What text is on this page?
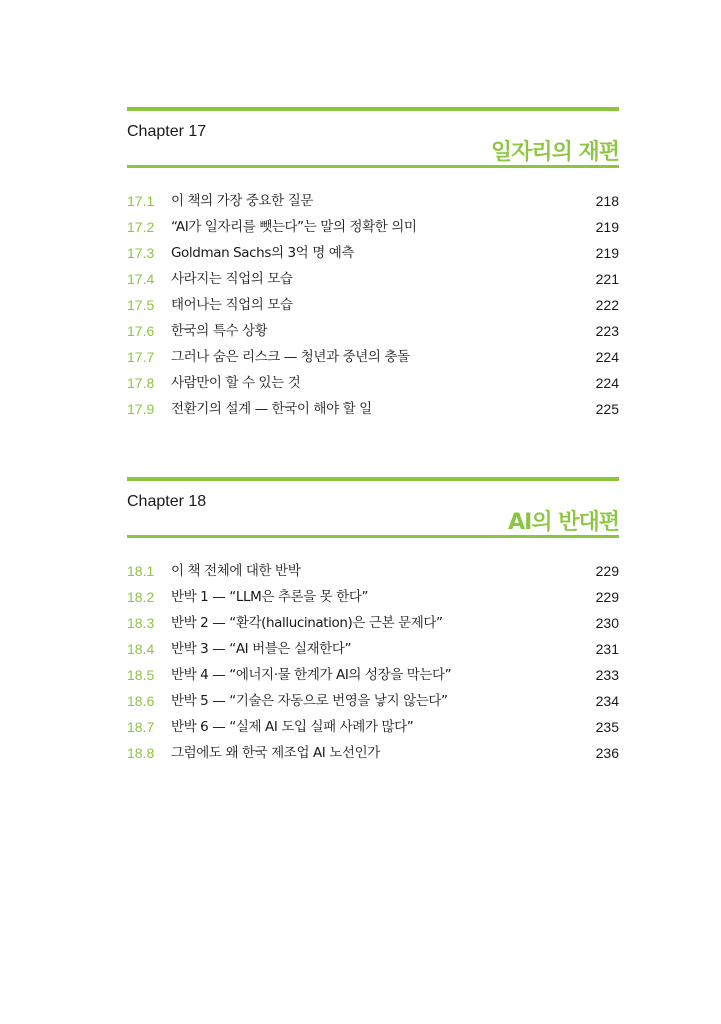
Chapter 17
일자리의 재편
17.1 이 책의 가장 중요한 질문	218
17.2 “AI가 일자리를 뺏는다”는 말의 정확한 의미	219
17.3 Goldman Sachs의 3억 명 예측	219
17.4 사라지는 직업의 모습	221
17.5 태어나는 직업의 모습	222
17.6 한국의 특수 상황	223
17.7 그러나 숨은 리스크 — 청년과 중년의 충돌	224
17.8 사람만이 할 수 있는 것	224
17.9 전환기의 설계 — 한국이 해야 할 일	225
Chapter 18
AI의 반대편
18.1 이 책 전체에 대한 반박	229
18.2 반박 1 — “LLM은 추론을 못 한다”	229
18.3 반박 2 — “환각(hallucination)은 근본 문제다”	230
18.4 반박 3 — “AI 버블은 실재한다”	231
18.5 반박 4 — “에너지·물 한계가 AI의 성장을 막는다”	233
18.6 반박 5 — “기술은 자동으로 번영을 낳지 않는다”	234
18.7 반박 6 — “실제 AI 도입 실패 사례가 많다”	235
18.8 그럼에도 왜 한국 제조업 AI 노선인가	236
